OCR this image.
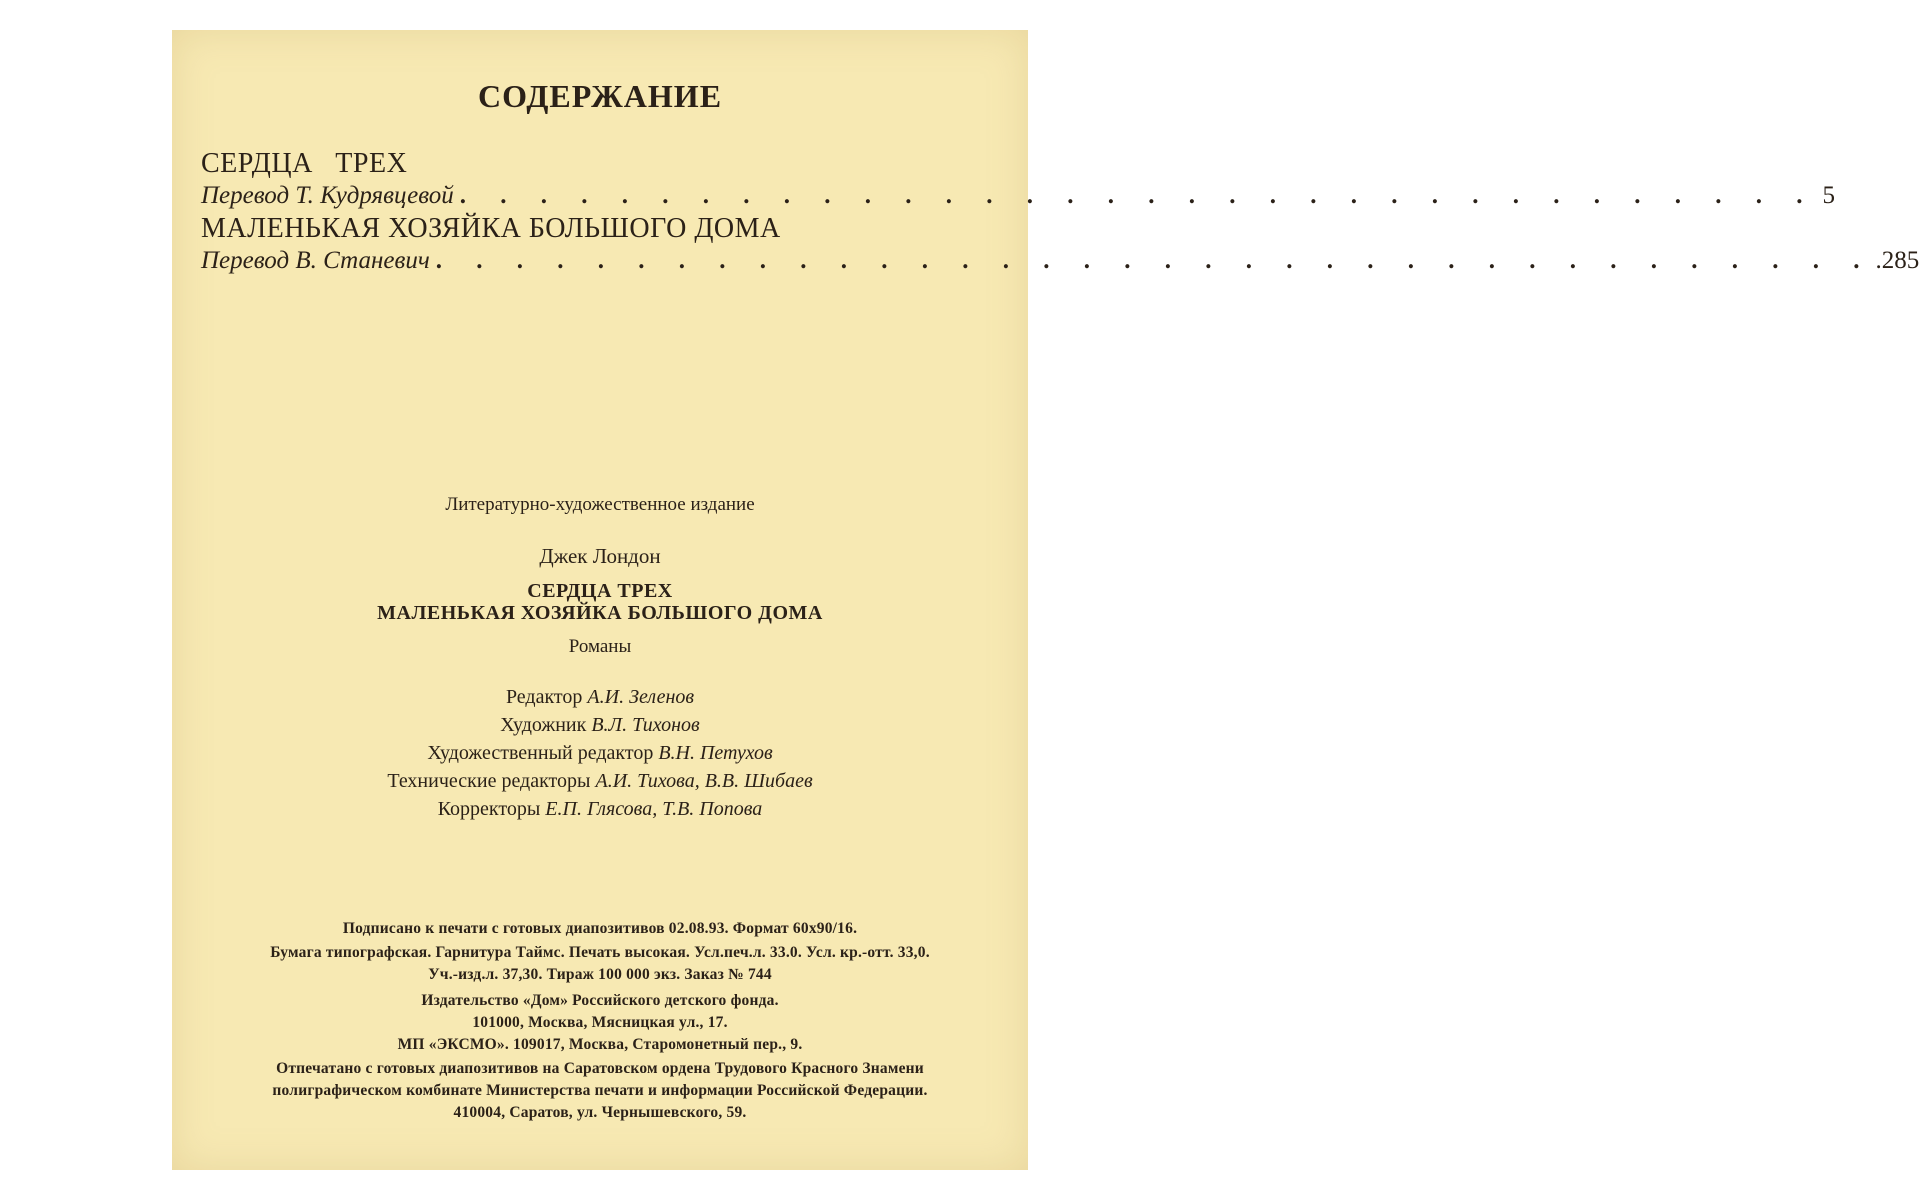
СОДЕРЖАНИЕ
СЕРДЦА   ТРЕХ
Перевод Т. Кудрявцевой . . . . . . . . . . . . . . . . . . . . . . . . . . . . . . . . . . 5
МАЛЕНЬКАЯ ХОЗЯЙКА БОЛЬШОГО ДОМА
Перевод В. Станевич . . . . . . . . . . . . . . . . . . . . . . . . . . . . . . . . . . . . .285
Литературно-художественное издание
Джек Лондон
СЕРДЦА ТРЕХ
МАЛЕНЬКАЯ ХОЗЯЙКА БОЛЬШОГО ДОМА
Романы
Редактор А.И. Зеленов
Художник В.Л. Тихонов
Художественный редактор В.Н. Петухов
Технические редакторы А.И. Тихова, В.В. Шибаев
Корректоры Е.П. Глясова, Т.В. Попова
Подписано к печати с готовых диапозитивов 02.08.93. Формат 60x90/16.
Бумага типографская. Гарнитура Таймс. Печать высокая. Усл.печ.л. 33.0. Усл. кр.-отт. 33,0.
Уч.-изд.л. 37,30. Тираж 100 000 экз. Заказ № 744
Издательство «Дом» Российского детского фонда.
101000, Москва, Мясницкая ул., 17.
МП «ЭКСМО». 109017, Москва, Старомонетный пер., 9.
Отпечатано с готовых диапозитивов на Саратовском ордена Трудового Красного Знамени
полиграфическом комбинате Министерства печати и информации Российской Федерации.
410004, Саратов, ул. Чернышевского, 59.
